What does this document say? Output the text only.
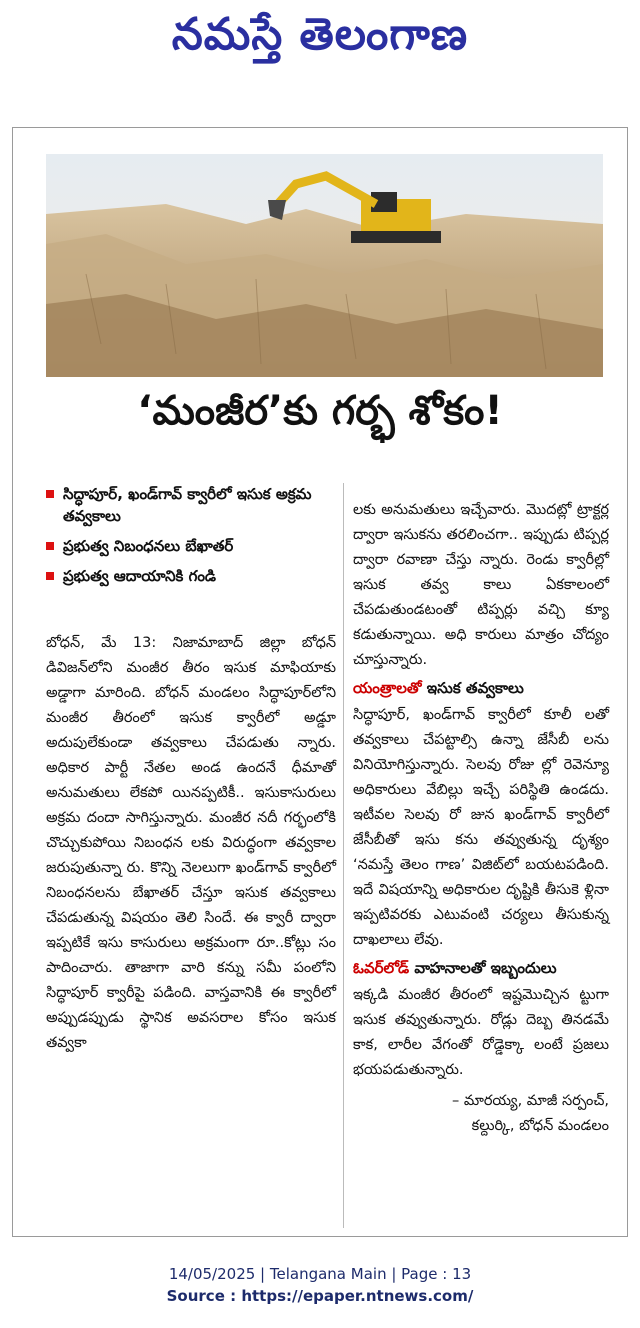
నమస్తే తెలంగాణ
‘మంజీర’కు గర్భ శోకం!
సిద్ధాపూర్, ఖండ్‌గావ్ క్వారీలో ఇసుక అక్రమ తవ్వకాలు
ప్రభుత్వ నిబంధనలు బేఖాతర్
ప్రభుత్వ ఆదాయానికి గండి

బోధన్, మే 13: నిజామాబాద్ జిల్లా బోధన్ డివిజన్‌లోని మంజీర తీరం ఇసుక మాఫియాకు అడ్డాగా మారింది. బోధన్ మండలం సిద్ధాపూర్‌లోని మంజీర తీరంలో ఇసుక క్వారీలో అడ్డూ అదుపులేకుండా తవ్వకాలు చేపడుతు న్నారు. అధికార పార్టీ నేతల అండ ఉందనే ధీమాతో అనుమతులు లేకపో యినప్పటికీ.. ఇసుకాసురులు అక్రమ దందా సాగిస్తున్నారు. మంజీర నదీ గర్భంలోకి చొచ్చుకుపోయి నిబంధన లకు విరుద్ధంగా తవ్వకాల జరుపుతున్నా రు. కొన్ని నెలలుగా ఖండ్‌గావ్ క్వారీలో నిబంధనలను బేఖాతర్ చేస్తూ ఇసుక తవ్వకాలు చేపడుతున్న విషయం తెలి సిందే. ఈ క్వారీ ద్వారా ఇప్పటికే ఇసు కాసురులు అక్రమంగా రూ..కోట్లు సం పాదించారు. తాజాగా వారి కన్ను సమీ పంలోని సిద్ధాపూర్ క్వారీపై పడింది. వాస్తవానికి ఈ క్వారీలో అప్పుడప్పుడు స్థానిక అవసరాల కోసం ఇసుక తవ్వకా

లకు అనుమతులు ఇచ్చేవారు. మొదట్లో ట్రాక్టర్ల ద్వారా ఇసుకను తరలించగా.. ఇప్పుడు టిప్పర్ల ద్వారా రవాణా చేస్తు న్నారు. రెండు క్వారీల్లో ఇసుక తవ్వ కాలు ఏకకాలంలో చేపడుతుండటంతో టిప్పర్లు వచ్చి క్యూ కడుతున్నాయి. అధి కారులు మాత్రం చోద్యం చూస్తున్నారు.

యంత్రాలతో ఇసుక తవ్వకాలు

సిద్ధాపూర్, ఖండ్‌గావ్ క్వారీలో కూలీ లతో తవ్వకాలు చేపట్టాల్సి ఉన్నా జేసీబీ లను వినియోగిస్తున్నారు. సెలవు రోజు ల్లో రెవెన్యూ అధికారులు వేబిల్లు ఇచ్చే పరిస్థితి ఉండదు. ఇటీవల సెలవు రో జున ఖండ్‌గావ్ క్వారీలో జేసీబీతో ఇసు కను తవ్వుతున్న దృశ్యం ‘నమస్తే తెలం గాణ’ విజిట్‌లో బయటపడింది. ఇదే విషయాన్ని అధికారుల దృష్టికి తీసుకె ళ్లినా ఇప్పటివరకు ఎటువంటి చర్యలు తీసుకున్న దాఖలాలు లేవు.

ఓవర్‌లోడ్ వాహనాలతో ఇబ్బందులు

ఇక్కడి మంజీర తీరంలో ఇష్టమొచ్చిన ట్టుగా ఇసుక తవ్వుతున్నారు. రోడ్లు దెబ్బ తినడమే కాక, లారీల వేగంతో రోడ్డెక్కా లంటే ప్రజలు భయపడుతున్నారు.

– మారయ్య, మాజీ సర్పంచ్,
కల్దుర్కి, బోధన్ మండలం
14/05/2025 | Telangana Main | Page : 13
Source : https://epaper.ntnews.com/
